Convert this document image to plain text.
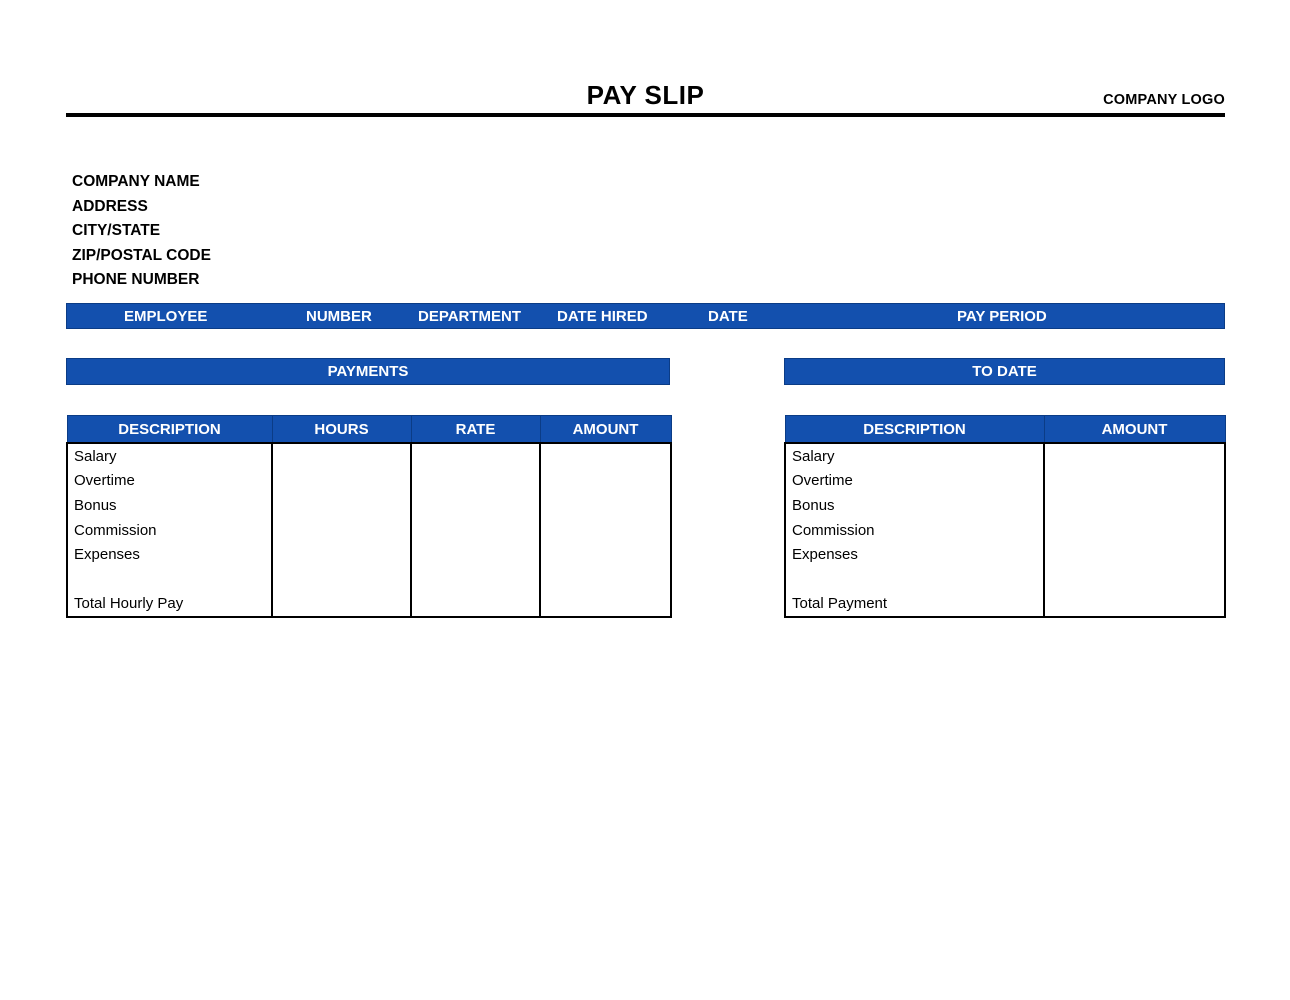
PAY SLIP	COMPANY LOGO
COMPANY NAME
ADDRESS
CITY/STATE
ZIP/POSTAL CODE
PHONE NUMBER
EMPLOYEE	NUMBER	DEPARTMENT DATE HIRED	DATE	PAY PERIOD
PAYMENTS	TO DATE
DESCRIPTION	HOURS	RATE	AMOUNT
Salary			
Overtime			
Bonus			
Commission			
Expenses			

Total Hourly Pay			
DESCRIPTION	AMOUNT
Salary	
Overtime	
Bonus	
Commission	
Expenses	

Total Payment	
